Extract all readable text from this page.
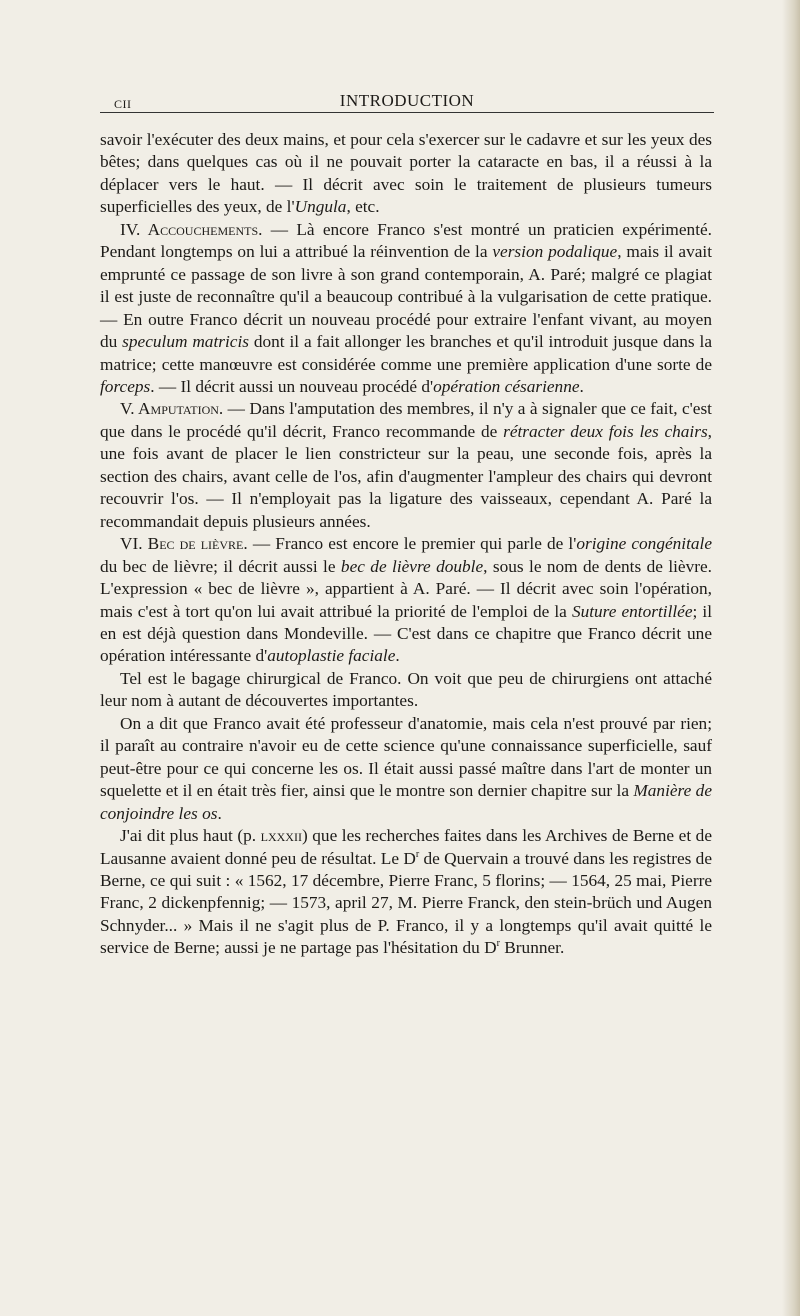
CII	INTRODUCTION

savoir l'exécuter des deux mains, et pour cela s'exercer sur le cadavre et sur les yeux des bêtes; dans quelques cas où il ne pouvait porter la cataracte en bas, il a réussi à la déplacer vers le haut. — Il décrit avec soin le traitement de plusieurs tumeurs superficielles des yeux, de l'Ungula, etc.

IV. Accouchements. — Là encore Franco s'est montré un praticien expérimenté. Pendant longtemps on lui a attribué la réinvention de la version podalique, mais il avait emprunté ce passage de son livre à son grand contemporain, A. Paré; malgré ce plagiat il est juste de reconnaître qu'il a beaucoup contribué à la vulgarisation de cette pratique. — En outre Franco décrit un nouveau procédé pour extraire l'enfant vivant, au moyen du speculum matricis dont il a fait allonger les branches et qu'il introduit jusque dans la matrice; cette manœuvre est considérée comme une première application d'une sorte de forceps. — Il décrit aussi un nouveau procédé d'opération césarienne.

V. Amputation. — Dans l'amputation des membres, il n'y a à signaler que ce fait, c'est que dans le procédé qu'il décrit, Franco recommande de rétracter deux fois les chairs, une fois avant de placer le lien constricteur sur la peau, une seconde fois, après la section des chairs, avant celle de l'os, afin d'augmenter l'ampleur des chairs qui devront recouvrir l'os. — Il n'employait pas la ligature des vaisseaux, cependant A. Paré la recommandait depuis plusieurs années.

VI. Bec de lièvre. — Franco est encore le premier qui parle de l'origine congénitale du bec de lièvre; il décrit aussi le bec de lièvre double, sous le nom de dents de lièvre. L'expression « bec de lièvre », appartient à A. Paré. — Il décrit avec soin l'opération, mais c'est à tort qu'on lui avait attribué la priorité de l'emploi de la Suture entortillée; il en est déjà question dans Mondeville. — C'est dans ce chapitre que Franco décrit une opération intéressante d'autoplastie faciale.

Tel est le bagage chirurgical de Franco. On voit que peu de chirurgiens ont attaché leur nom à autant de découvertes importantes.

On a dit que Franco avait été professeur d'anatomie, mais cela n'est prouvé par rien; il paraît au contraire n'avoir eu de cette science qu'une connaissance superficielle, sauf peut-être pour ce qui concerne les os. Il était aussi passé maître dans l'art de monter un squelette et il en était très fier, ainsi que le montre son dernier chapitre sur la Manière de conjoindre les os.

J'ai dit plus haut (p. lxxxii) que les recherches faites dans les Archives de Berne et de Lausanne avaient donné peu de résultat. Le $D^r$ de Quervain a trouvé dans les registres de Berne, ce qui suit : « 1562, 17 décembre, Pierre Franc, 5 florins; — 1564, 25 mai, Pierre Franc, 2 dickenpfennig; — 1573, april 27, M. Pierre Franck, den stein-brüch und Augen Schnyder... » Mais il ne s'agit plus de P. Franco, il y a longtemps qu'il avait quitté le service de Berne; aussi je ne partage pas l'hésitation du $D^r$ Brunner.
